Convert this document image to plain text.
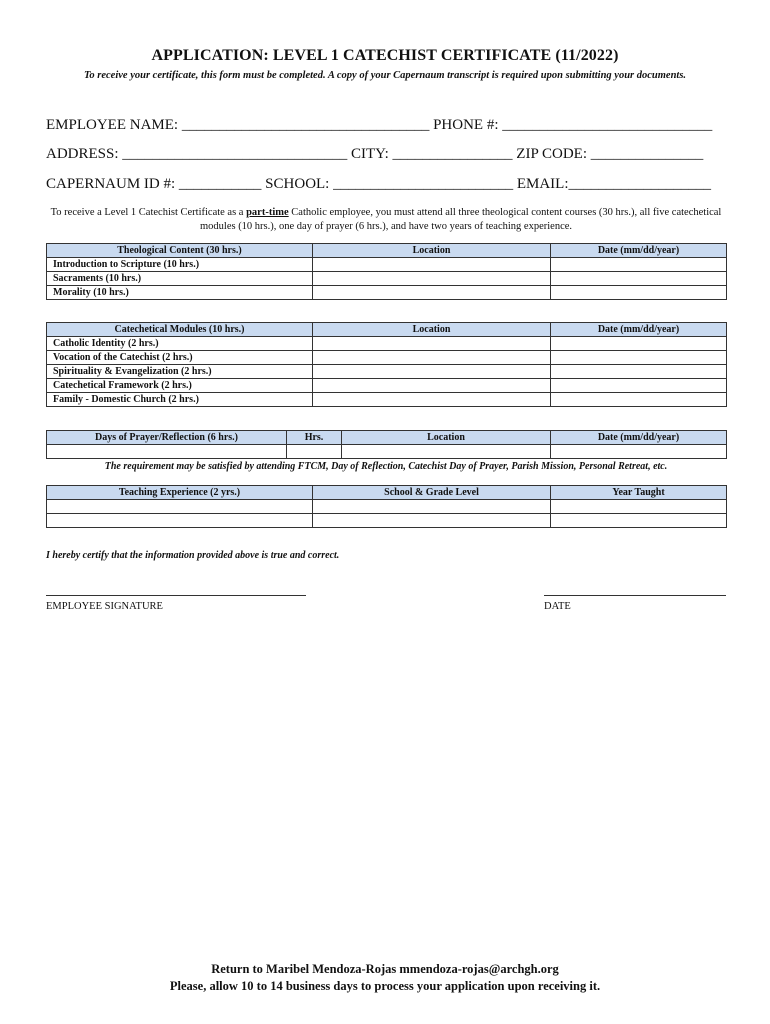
APPLICATION: LEVEL 1 CATECHIST CERTIFICATE (11/2022)
To receive your certificate, this form must be completed. A copy of your Capernaum transcript is required upon submitting your documents.
EMPLOYEE NAME: _________________________________ PHONE #: ____________________________
ADDRESS: ______________________________ CITY: ________________ ZIP CODE: _______________
CAPERNAUM ID #: ___________ SCHOOL: ________________________ EMAIL:___________________
To receive a Level 1 Catechist Certificate as a part-time Catholic employee, you must attend all three theological content courses (30 hrs.), all five catechetical modules (10 hrs.), one day of prayer (6 hrs.), and have two years of teaching experience.
Theological Content (30 hrs.)	Location	Date (mm/dd/year)
Introduction to Scripture (10 hrs.)		
Sacraments (10 hrs.)		
Morality (10 hrs.)		
Catechetical Modules (10 hrs.)	Location	Date (mm/dd/year)
Catholic Identity (2 hrs.)		
Vocation of the Catechist (2 hrs.)		
Spirituality & Evangelization (2 hrs.)		
Catechetical Framework (2 hrs.)		
Family - Domestic Church (2 hrs.)		
Days of Prayer/Reflection (6 hrs.)	Hrs.	Location	Date (mm/dd/year)

The requirement may be satisfied by attending FTCM, Day of Reflection, Catechist Day of Prayer, Parish Mission, Personal Retreat, etc.
Teaching Experience (2 yrs.)	School & Grade Level	Year Taught

I hereby certify that the information provided above is true and correct.
EMPLOYEE SIGNATURE	DATE
Return to Maribel Mendoza-Rojas mmendoza-rojas@archgh.org
Please, allow 10 to 14 business days to process your application upon receiving it.
